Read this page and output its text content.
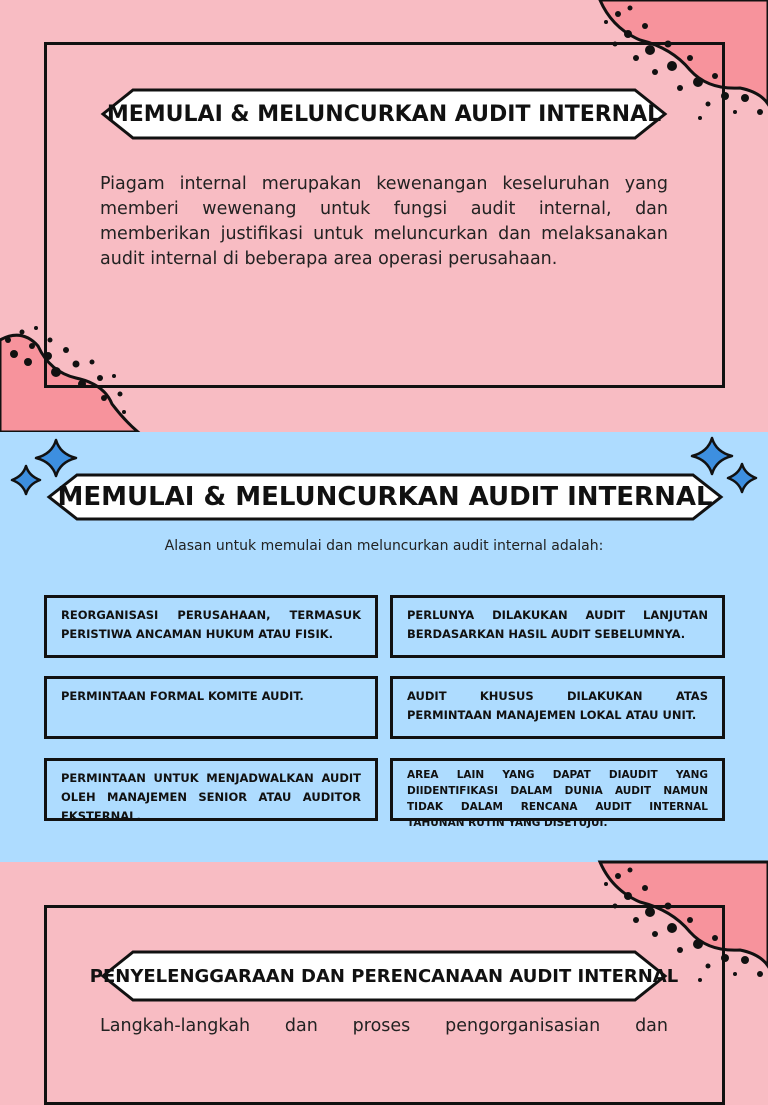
MEMULAI & MELUNCURKAN AUDIT INTERNAL
Piagam internal merupakan kewenangan keseluruhan yang memberi wewenang untuk fungsi audit internal, dan memberikan justifikasi untuk meluncurkan dan melaksanakan audit internal di beberapa area operasi perusahaan.
MEMULAI & MELUNCURKAN AUDIT INTERNAL
Alasan untuk memulai dan meluncurkan audit internal adalah:
REORGANISASI PERUSAHAAN, TERMASUK PERISTIWA ANCAMAN HUKUM ATAU FISIK.
PERLUNYA DILAKUKAN AUDIT LANJUTAN BERDASARKAN HASIL AUDIT SEBELUMNYA.
PERMINTAAN FORMAL KOMITE AUDIT.	AUDIT KHUSUS DILAKUKAN ATAS PERMINTAAN MANAJEMEN LOKAL ATAU UNIT.
PERMINTAAN UNTUK MENJADWALKAN AUDIT OLEH MANAJEMEN SENIOR ATAU AUDITOR EKSTERNAL.
AREA LAIN YANG DAPAT DIAUDIT YANG DIIDENTIFIKASI DALAM DUNIA AUDIT NAMUN TIDAK DALAM RENCANA AUDIT INTERNAL TAHUNAN RUTIN YANG DISETUJUI.
PENYELENGGARAAN DAN PERENCANAAN AUDIT INTERNAL
Langkah-langkah dan proses pengorganisasian dan
